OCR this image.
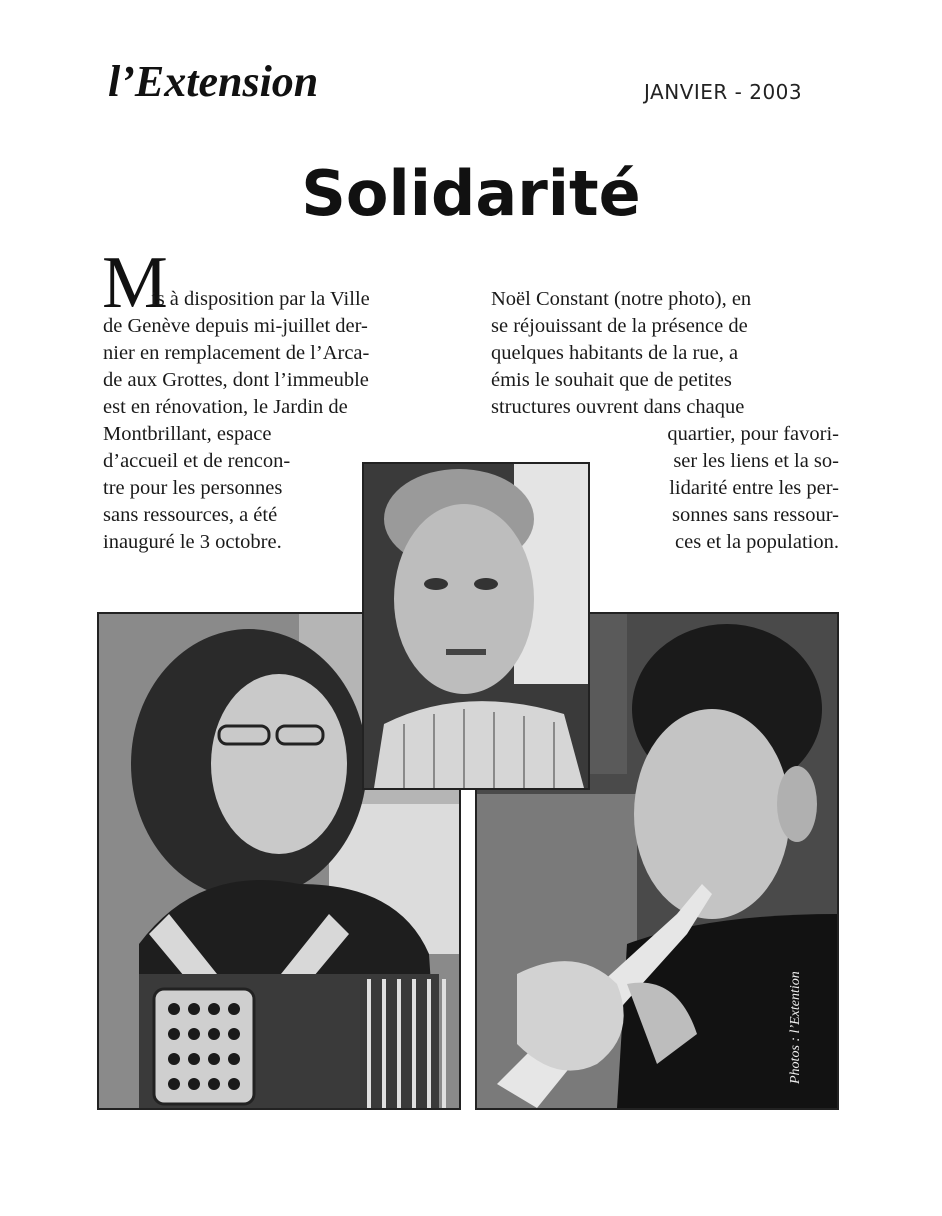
l’Extension	JANVIER - 2003
Solidarité
M
is à disposition par la Ville
de Genève depuis mi-juillet der-
nier en remplacement de l’Arca-
de aux Grottes, dont l’immeuble
est en rénovation, le Jardin de
Montbrillant, espace
d’accueil et de rencon-
tre pour les personnes
sans ressources, a été
inauguré le 3 octobre.
Noël Constant (notre photo), en
se réjouissant de la présence de
quelques habitants de la rue, a
émis le souhait que de petites
structures ouvrent dans chaque
quartier, pour favori-
ser les liens et la so-
lidarité entre les per-
sonnes sans ressour-
ces et la population.
Photos : l’Extention
